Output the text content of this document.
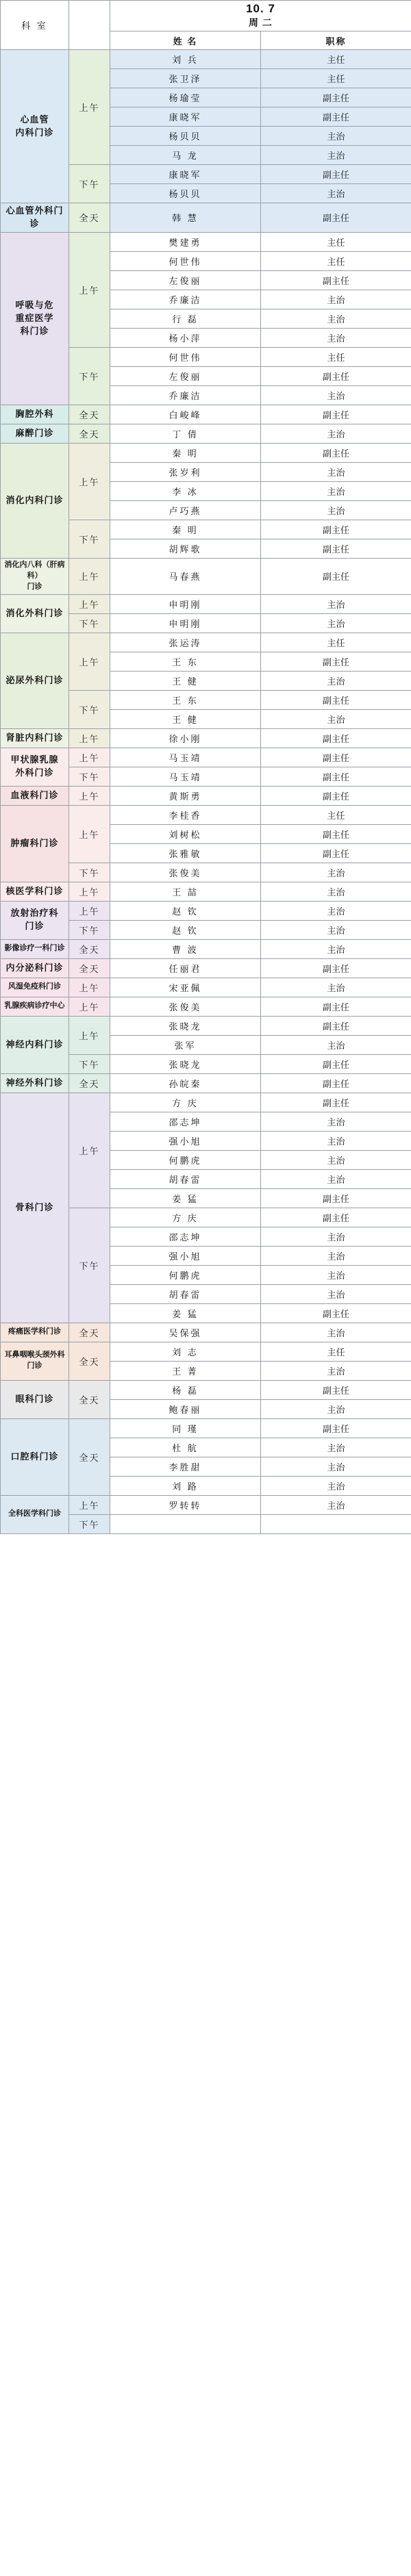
科 室		10. 7
周 二	

		姓 名	职称

心血管
内科门诊	上午	刘 兵	主任
		张卫泽	主任
		杨瑜莹	副主任
		康晓军	副主任
		杨贝贝	主治
		马 龙	主治
	下午	康晓军	副主任
		杨贝贝	主治

心血管外科门诊	全天	韩 慧	副主任

呼吸与危
重症医学
科门诊	上午	樊建勇	主任
		何世伟	主任
		左俊丽	副主任
		乔廉洁	主治
		行 磊	主治
		杨小萍	主治
	下午	何世伟	主任
		左俊丽	副主任
		乔廉洁	主治

胸腔外科	全天	白峻峰	副主任

麻醉门诊	全天	丁 倩	主治

消化内科门诊	上午	秦 明	副主任
		张岁利	主治
		李 冰	主治
		卢巧燕	主治
	下午	秦 明	副主任
		胡辉歌	副主任

消化内八科（肝病科）
门诊	上午	马春燕	副主任

消化外科门诊	上午	申明刚	主治
	下午	申明刚	主治

泌尿外科门诊	上午	张运涛	主任
		王 东	副主任
		王 健	主治
	下午	王 东	副主任
		王 健	主治

肾脏内科门诊	上午	徐小刚	副主任

甲状腺乳腺
外科门诊	上午	马玉靖	副主任
	下午	马玉靖	副主任

血液科门诊	上午	黄斯勇	副主任

肿瘤科门诊	上午	李桂香	主任
		刘树松	副主任
		张雅敏	副主任
	下午	张俊美	主治

核医学科门诊	上午	王 喆	主治

放射治疗科
门诊	上午	赵 钦	主治
	下午	赵 钦	主治

影像诊疗一科门诊	全天	曹 波	主治

内分泌科门诊	全天	任丽君	副主任

风湿免疫科门诊	上午	宋亚佩	主治

乳腺疾病诊疗中心	上午	张俊美	副主任

神经内科门诊	上午	张晓龙	副主任
		张军	主治
	下午	张晓龙	副主任

神经外科门诊	全天	孙皖秦	副主任

骨科门诊	上午	方 庆	副主任
		邵志坤	主治
		强小旭	主治
		何鹏虎	主治
		胡春雷	主治
		姜 猛	副主任
	下午	方 庆	副主任
		邵志坤	主治
		强小旭	主治
		何鹏虎	主治
		胡春雷	主治
		姜 猛	副主任

疼痛医学科门诊	全天	吴保强	主治

耳鼻咽喉头颈外科
门诊	全天	刘 志	主任
		王 菁	主治

眼科门诊	全天	杨 磊	副主任
		鲍春丽	主治

口腔科门诊	全天	同 瑾	副主任
		杜 航	主治
		李胜甜	主治
		刘 路	主治

全科医学科门诊	上午	罗转转	主治
	下午		
